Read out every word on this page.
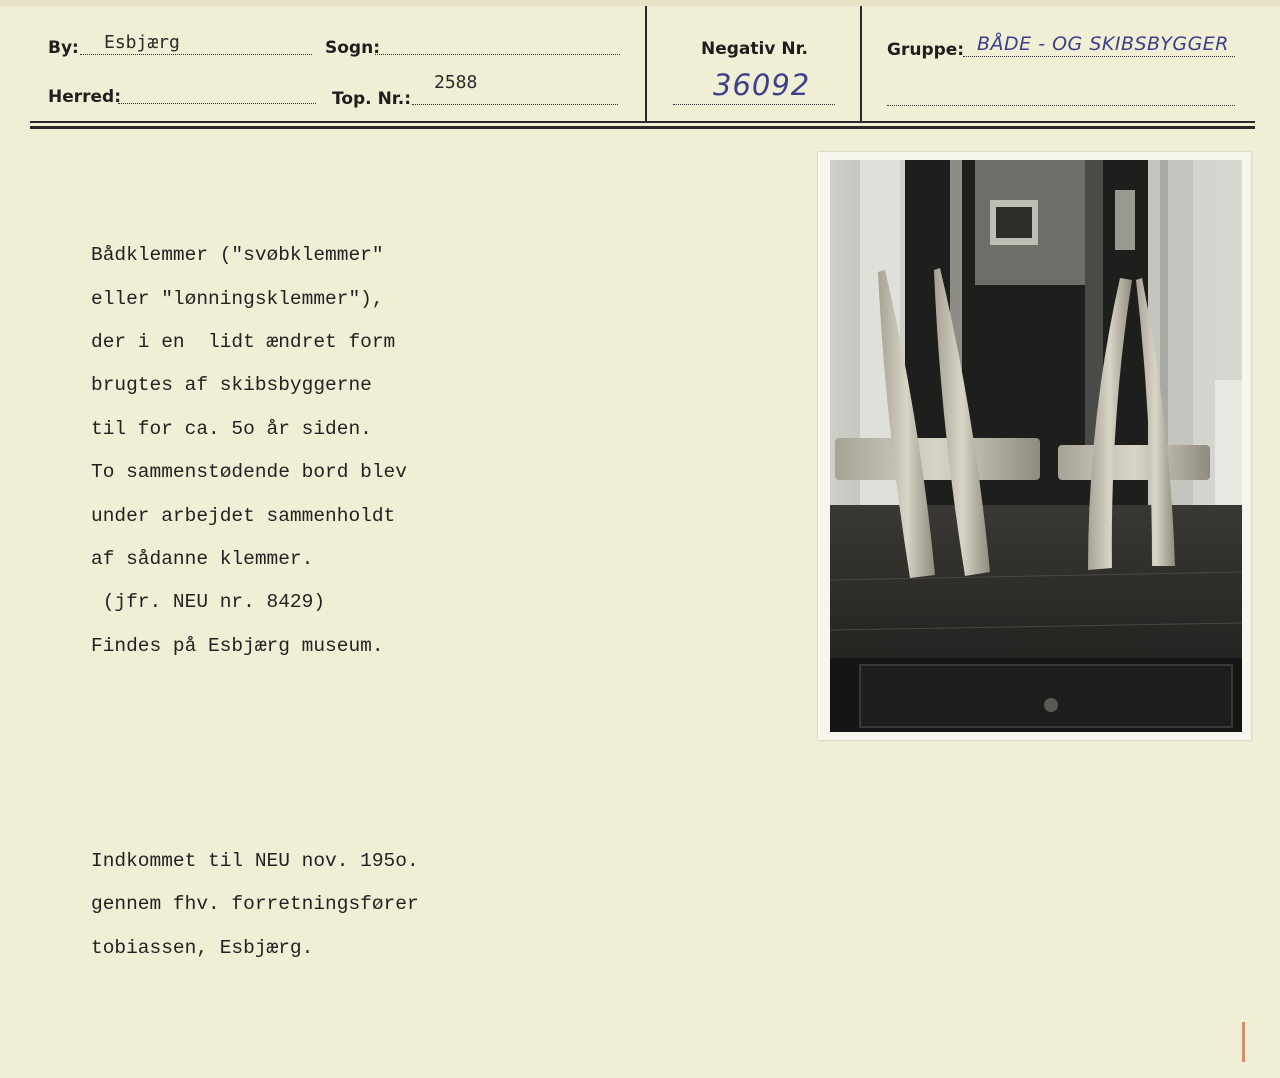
By: Esbjærg	Sogn:
Herred:	Top. Nr.:
2588
Negativ Nr.
36092
Gruppe: BÅDE - OG SKIBSBYGGER
Bådklemmer ("svøbklemmer"
eller "lønningsklemmer"),
der i en  lidt ændret form
brugtes af skibsbyggerne
til for ca. 5o år siden.
To sammenstødende bord blev
under arbejdet sammenholdt
af sådanne klemmer.
(jfr. NEU nr. 8429)
Findes på Esbjærg museum.
Indkommet til NEU nov. 195o.
gennem fhv. forretningsfører
tobiassen, Esbjærg.
